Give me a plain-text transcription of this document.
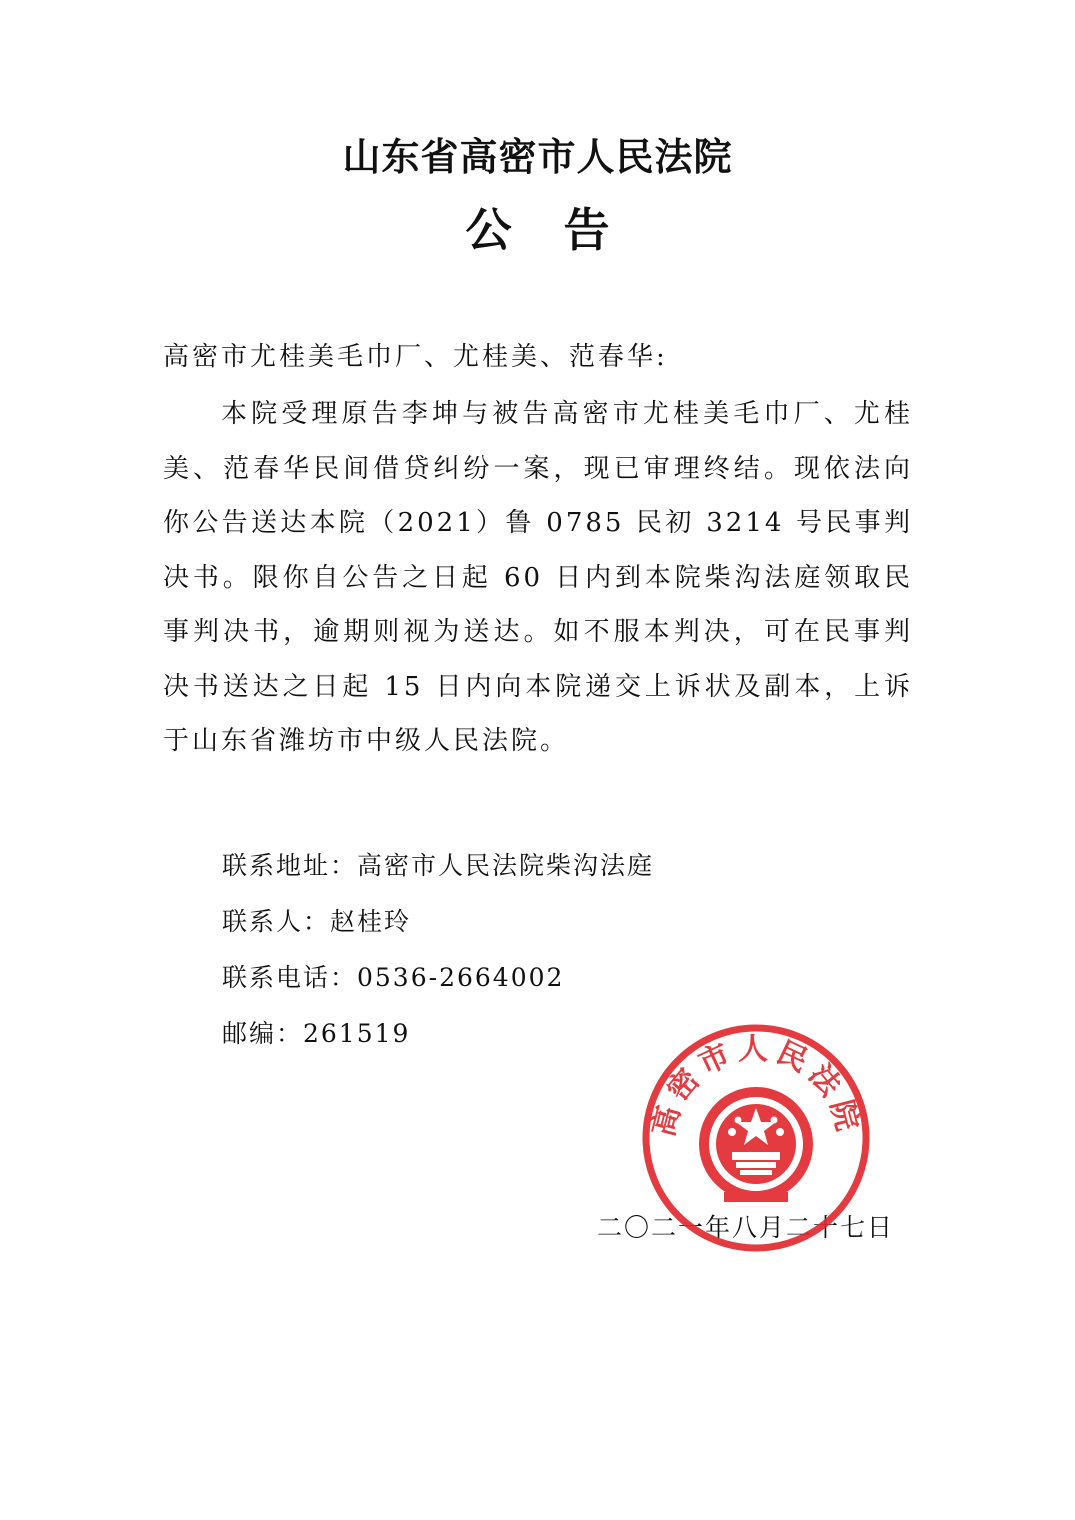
山东省高密市人民法院
公告
高密市尤桂美毛巾厂、尤桂美、范春华:

本院受理原告李坤与被告高密市尤桂美毛巾厂、尤桂美、范春华民间借贷纠纷一案，现已审理终结。现依法向你公告送达本院（2021）鲁 0785 民初 3214 号民事判决书。限你自公告之日起 60 日内到本院柴沟法庭领取民事判决书，逾期则视为送达。如不服本判决，可在民事判决书送达之日起 15 日内向本院递交上诉状及副本，上诉于山东省潍坊市中级人民法院。

联系地址：高密市人民法院柴沟法庭
联系人：赵桂玲
联系电话：0536-2664002
邮编：261519
二〇二一年八月二十七日
高密市人民法院
